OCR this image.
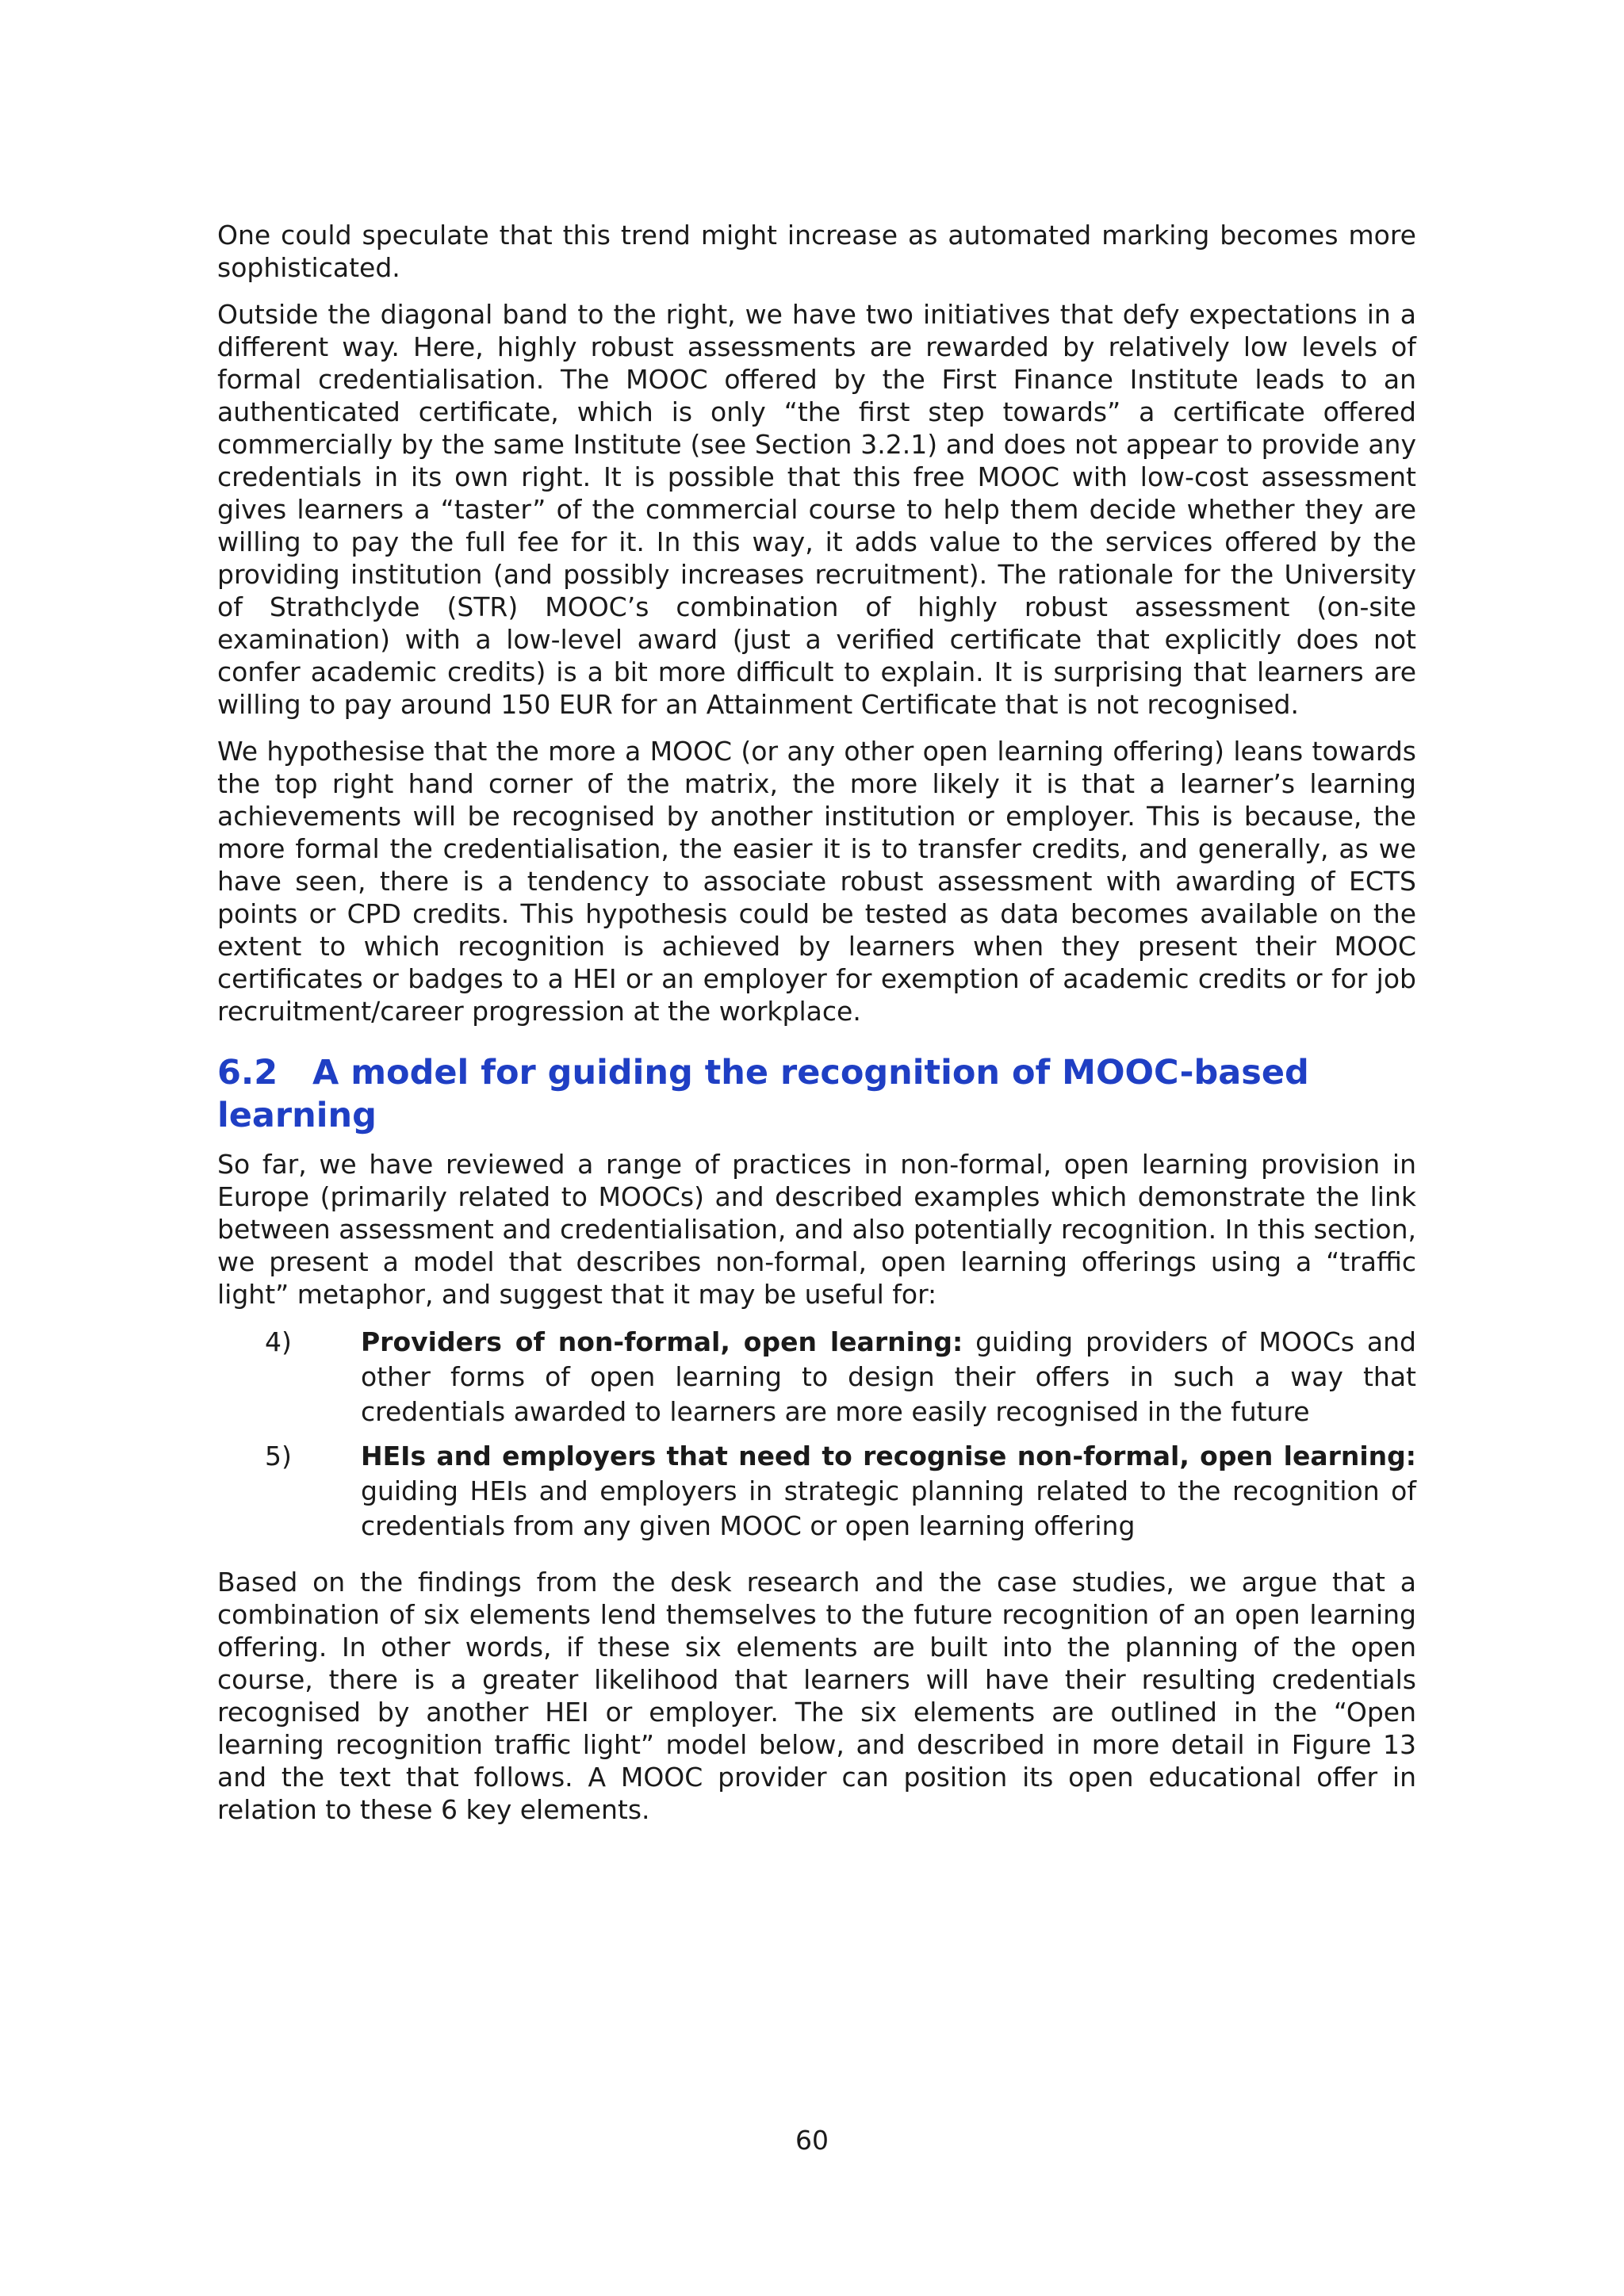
One could speculate that this trend might increase as automated marking becomes more sophisticated.

Outside the diagonal band to the right, we have two initiatives that defy expectations in a different way. Here, highly robust assessments are rewarded by relatively low levels of formal credentialisation. The MOOC offered by the First Finance Institute leads to an authenticated certificate, which is only “the first step towards” a certificate offered commercially by the same Institute (see Section 3.2.1) and does not appear to provide any credentials in its own right. It is possible that this free MOOC with low-cost assessment gives learners a “taster” of the commercial course to help them decide whether they are willing to pay the full fee for it. In this way, it adds value to the services offered by the providing institution (and possibly increases recruitment). The rationale for the University of Strathclyde (STR) MOOC’s combination of highly robust assessment (on-site examination) with a low-level award (just a verified certificate that explicitly does not confer academic credits) is a bit more difficult to explain. It is surprising that learners are willing to pay around 150 EUR for an Attainment Certificate that is not recognised.

We hypothesise that the more a MOOC (or any other open learning offering) leans towards the top right hand corner of the matrix, the more likely it is that a learner’s learning achievements will be recognised by another institution or employer. This is because, the more formal the credentialisation, the easier it is to transfer credits, and generally, as we have seen, there is a tendency to associate robust assessment with awarding of ECTS points or CPD credits. This hypothesis could be tested as data becomes available on the extent to which recognition is achieved by learners when they present their MOOC certificates or badges to a HEI or an employer for exemption of academic credits or for job recruitment/career progression at the workplace.

6.2 A model for guiding the recognition of MOOC-based learning

So far, we have reviewed a range of practices in non-formal, open learning provision in Europe (primarily related to MOOCs) and described examples which demonstrate the link between assessment and credentialisation, and also potentially recognition. In this section, we present a model that describes non-formal, open learning offerings using a “traffic light” metaphor, and suggest that it may be useful for:

4)	Providers of non-formal, open learning: guiding providers of MOOCs and other forms of open learning to design their offers in such a way that credentials awarded to learners are more easily recognised in the future
5)	HEIs and employers that need to recognise non-formal, open learning: guiding HEIs and employers in strategic planning related to the recognition of credentials from any given MOOC or open learning offering

Based on the findings from the desk research and the case studies, we argue that a combination of six elements lend themselves to the future recognition of an open learning offering. In other words, if these six elements are built into the planning of the open course, there is a greater likelihood that learners will have their resulting credentials recognised by another HEI or employer. The six elements are outlined in the “Open learning recognition traffic light” model below, and described in more detail in Figure 13 and the text that follows. A MOOC provider can position its open educational offer in relation to these 6 key elements.

60
